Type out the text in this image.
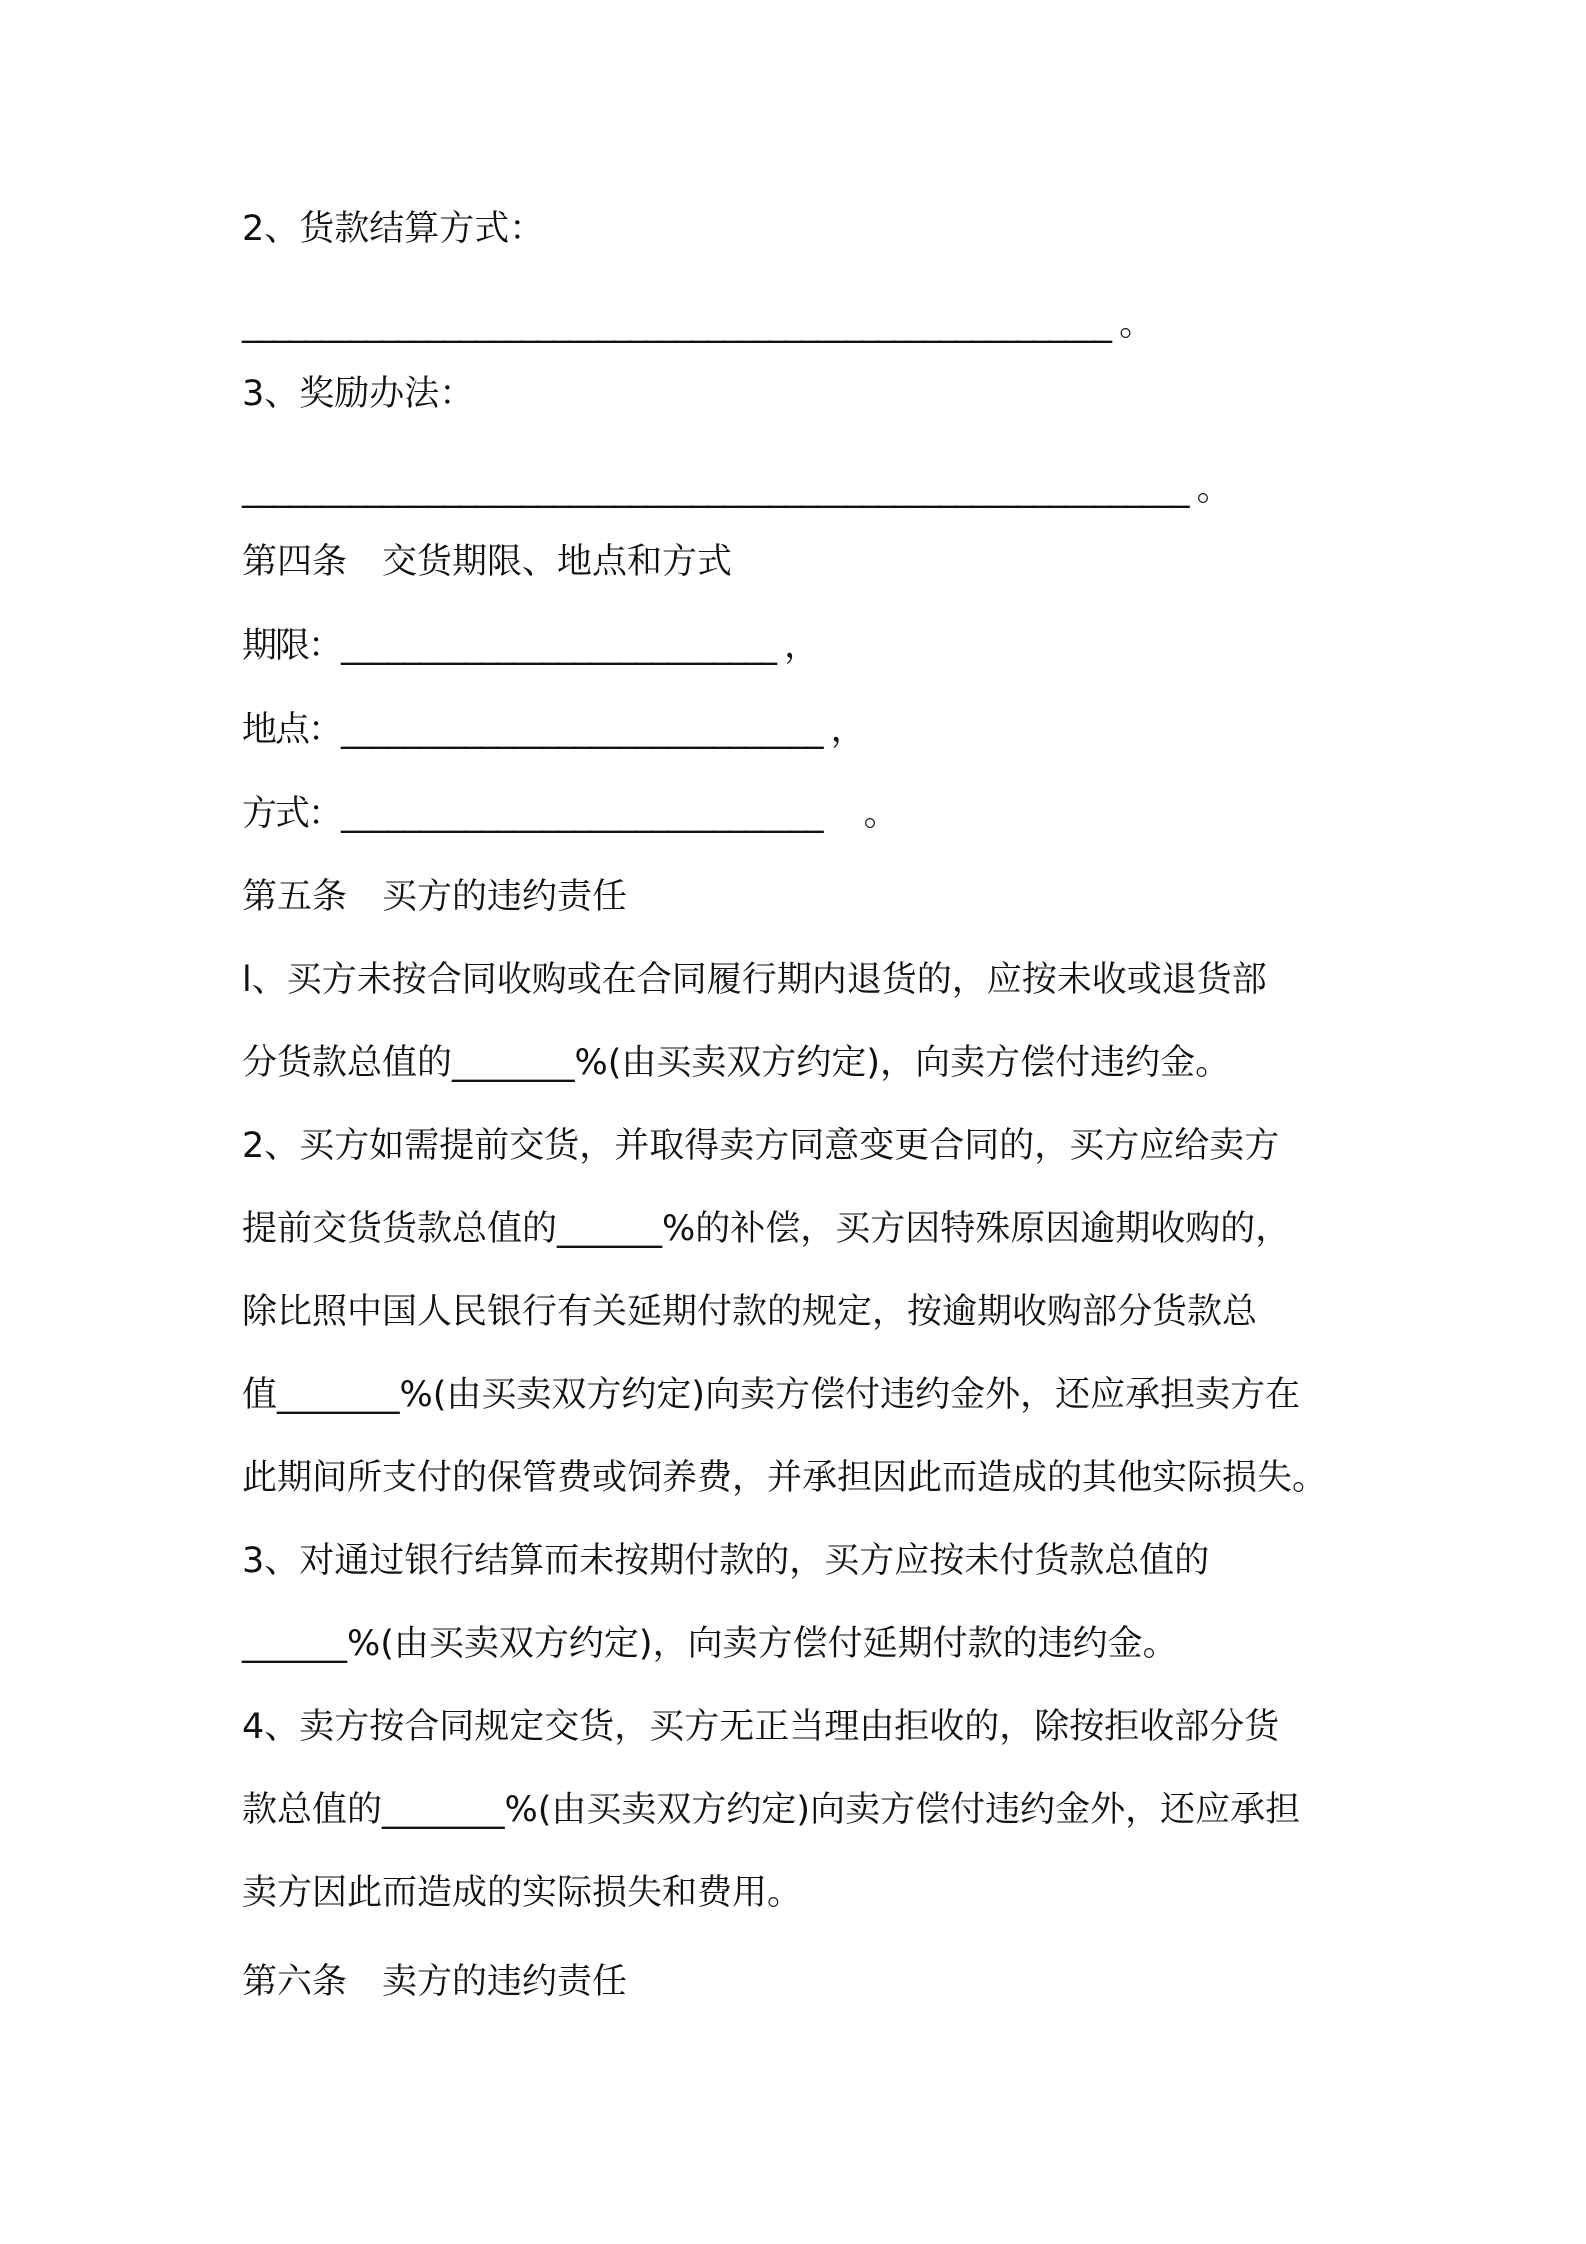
2、货款结算方式：
________________________________________________________ 。
3、奖励办法：
_____________________________________________________________ 。
第四条　交货期限、地点和方式
期限：____________________________ ，
地点：_______________________________ ，
方式：_______________________________　 。
第五条　买方的违约责任
l、买方未按合同收购或在合同履行期内退货的，应按未收或退货部
分货款总值的_______%(由买卖双方约定)，向卖方偿付违约金。
2、买方如需提前交货，并取得卖方同意变更合同的，买方应给卖方
提前交货货款总值的______%的补偿，买方因特殊原因逾期收购的，
除比照中国人民银行有关延期付款的规定，按逾期收购部分货款总
值_______%(由买卖双方约定)向卖方偿付违约金外，还应承担卖方在
此期间所支付的保管费或饲养费，并承担因此而造成的其他实际损失。
3、对通过银行结算而未按期付款的，买方应按未付货款总值的
______%(由买卖双方约定)，向卖方偿付延期付款的违约金。
4、卖方按合同规定交货，买方无正当理由拒收的，除按拒收部分货
款总值的_______%(由买卖双方约定)向卖方偿付违约金外，还应承担
卖方因此而造成的实际损失和费用。
第六条　卖方的违约责任
